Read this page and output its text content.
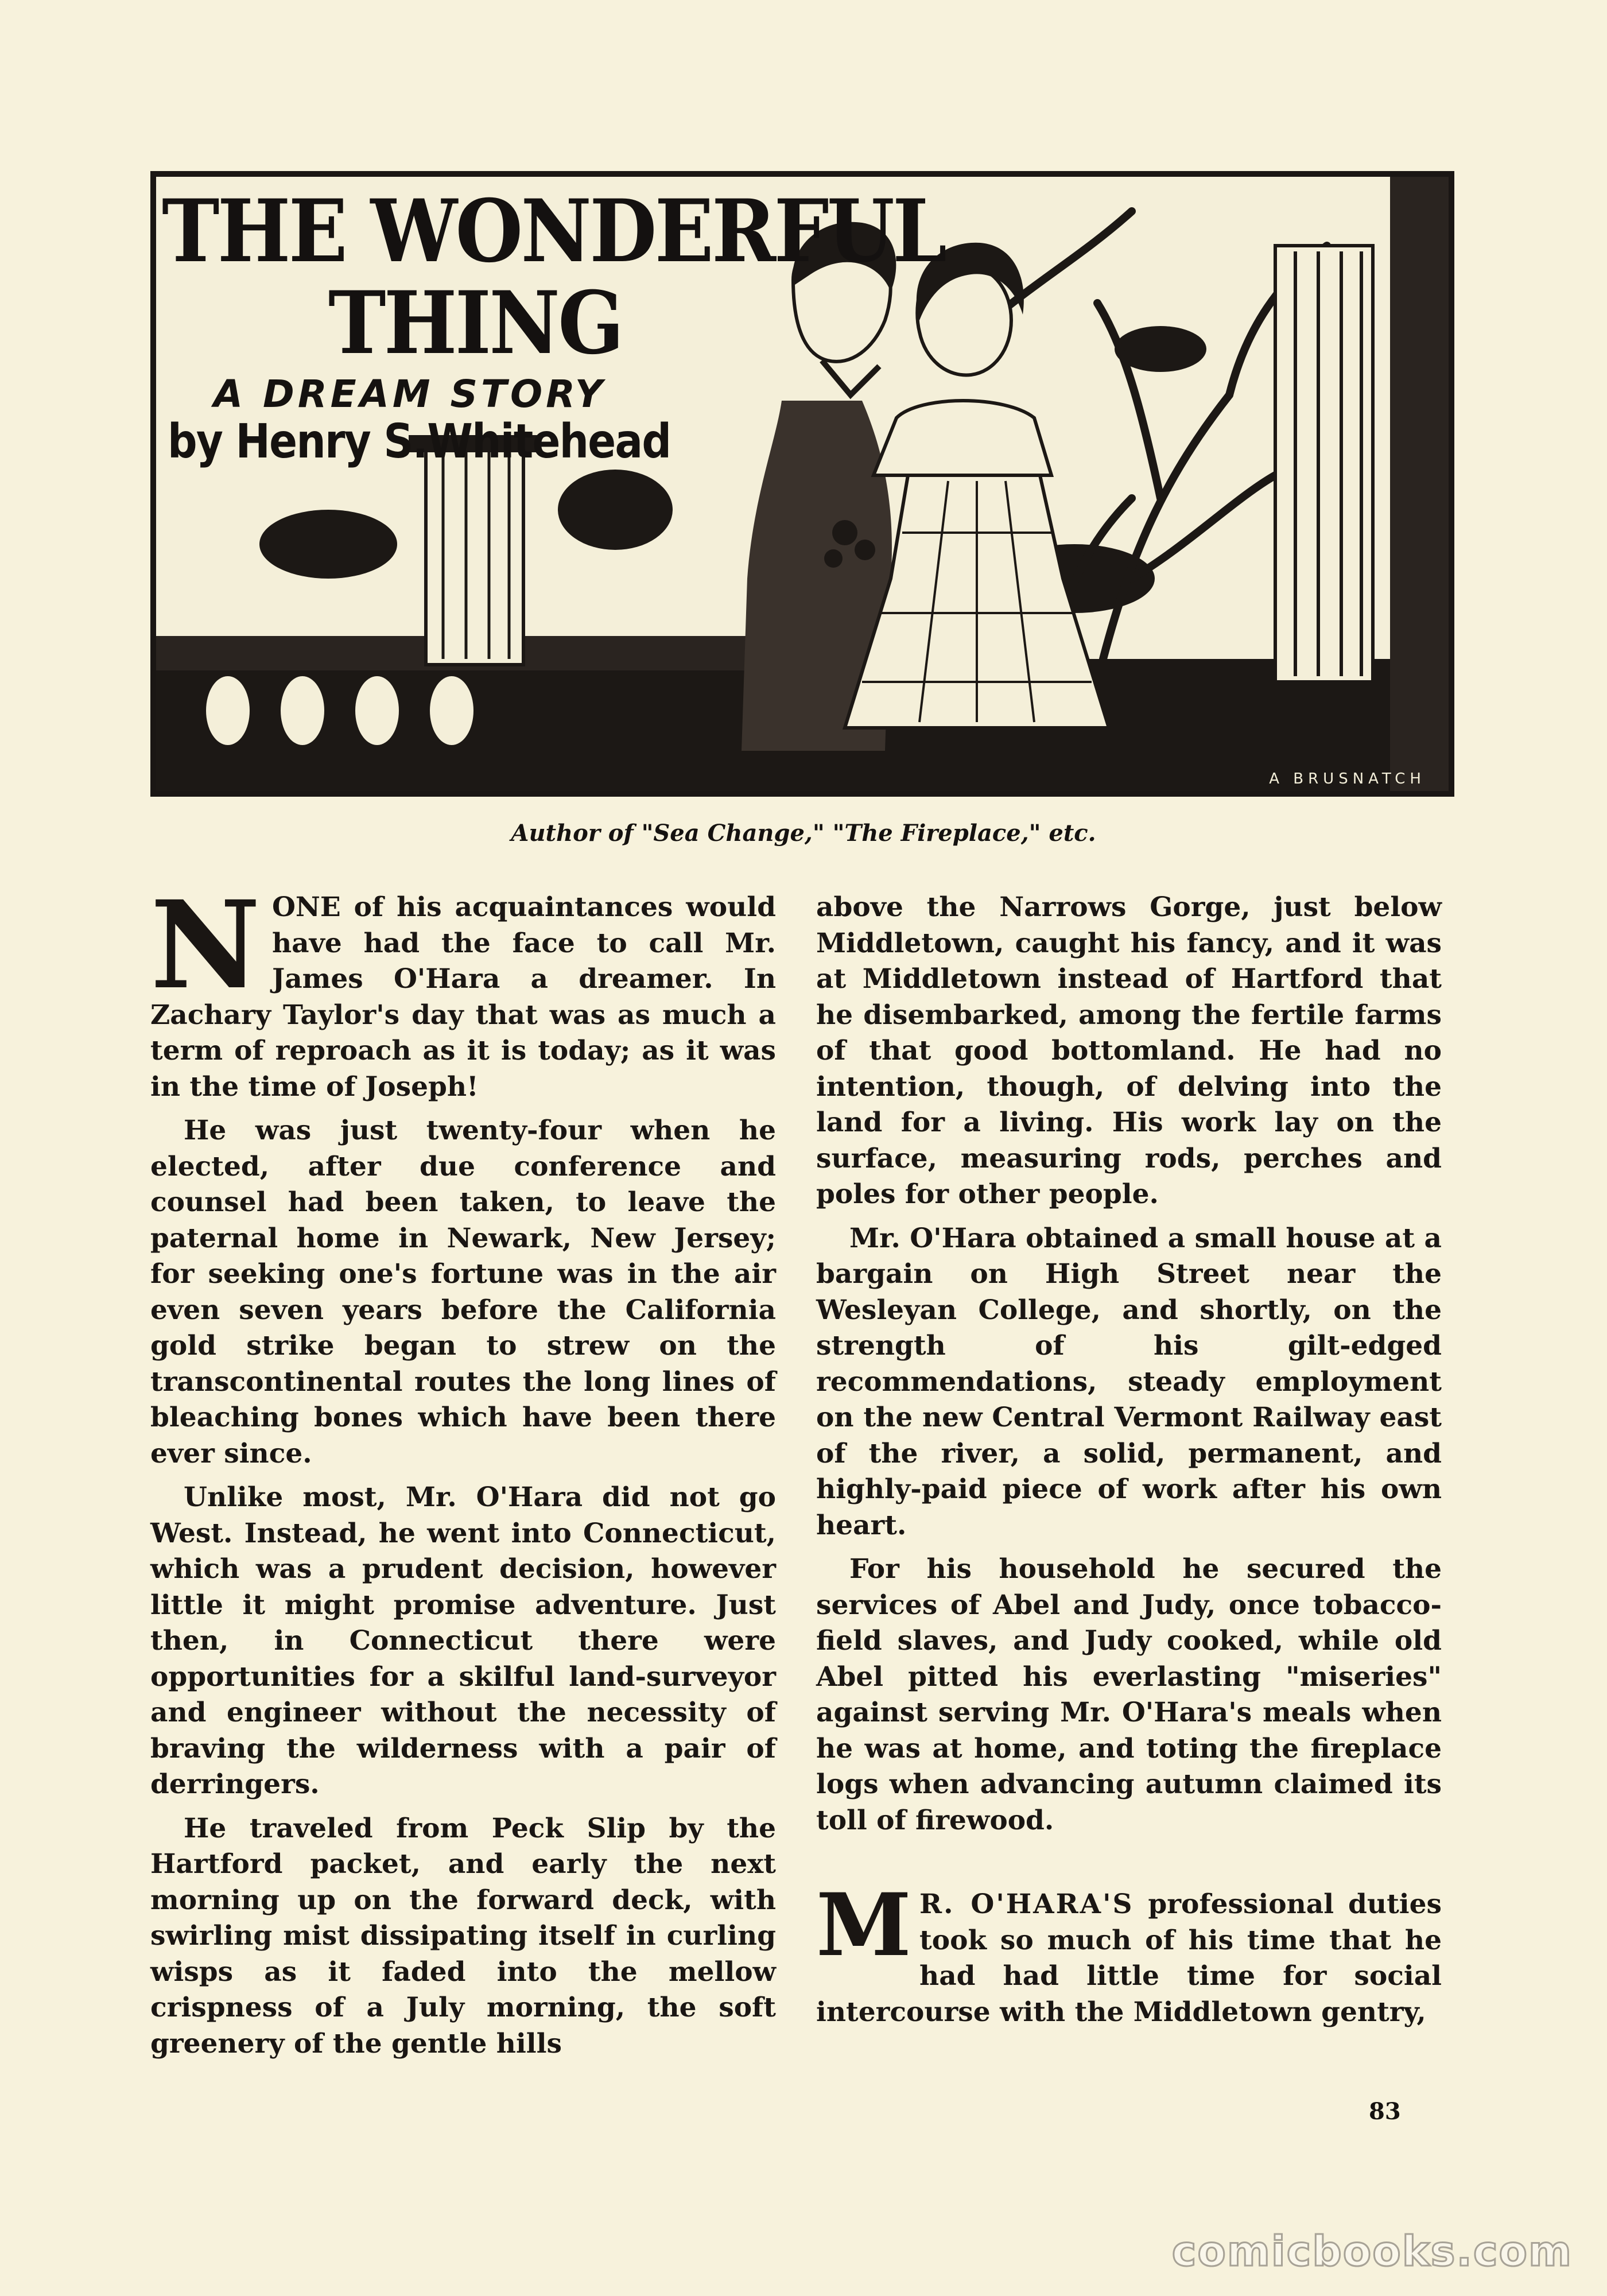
THE WONDERFUL
THING

A DREAM STORY

by Henry S.Whitehead

A BRUSNATCH

Author of "Sea Change," "The Fireplace," etc.

NONE of his acquaintances would have had the face to call Mr. James O'Hara a dreamer. In Zachary Taylor's day that was as much a term of reproach as it is today; as it was in the time of Joseph!

He was just twenty-four when he elected, after due conference and counsel had been taken, to leave the paternal home in Newark, New Jersey; for seeking one's fortune was in the air even seven years before the California gold strike began to strew on the transcontinental routes the long lines of bleaching bones which have been there ever since.

Unlike most, Mr. O'Hara did not go West. Instead, he went into Connecticut, which was a prudent decision, however little it might promise adventure. Just then, in Connecticut there were opportunities for a skilful land-surveyor and engineer without the necessity of braving the wilderness with a pair of derringers.

He traveled from Peck Slip by the Hartford packet, and early the next morning up on the forward deck, with swirling mist dissipating itself in curling wisps as it faded into the mellow crispness of a July morning, the soft greenery of the gentle hills

above the Narrows Gorge, just below Middletown, caught his fancy, and it was at Middletown instead of Hartford that he disembarked, among the fertile farms of that good bottomland. He had no intention, though, of delving into the land for a living. His work lay on the surface, measuring rods, perches and poles for other people.

Mr. O'Hara obtained a small house at a bargain on High Street near the Wesleyan College, and shortly, on the strength of his gilt-edged recommendations, steady employment on the new Central Vermont Railway east of the river, a solid, permanent, and highly-paid piece of work after his own heart.

For his household he secured the services of Abel and Judy, once tobacco-field slaves, and Judy cooked, while old Abel pitted his everlasting "miseries" against serving Mr. O'Hara's meals when he was at home, and toting the fireplace logs when advancing autumn claimed its toll of firewood.

M R. O'HARA'S professional duties took so much of his time that he had had little time for social intercourse with the Middletown gentry,

83

comicbooks.com
